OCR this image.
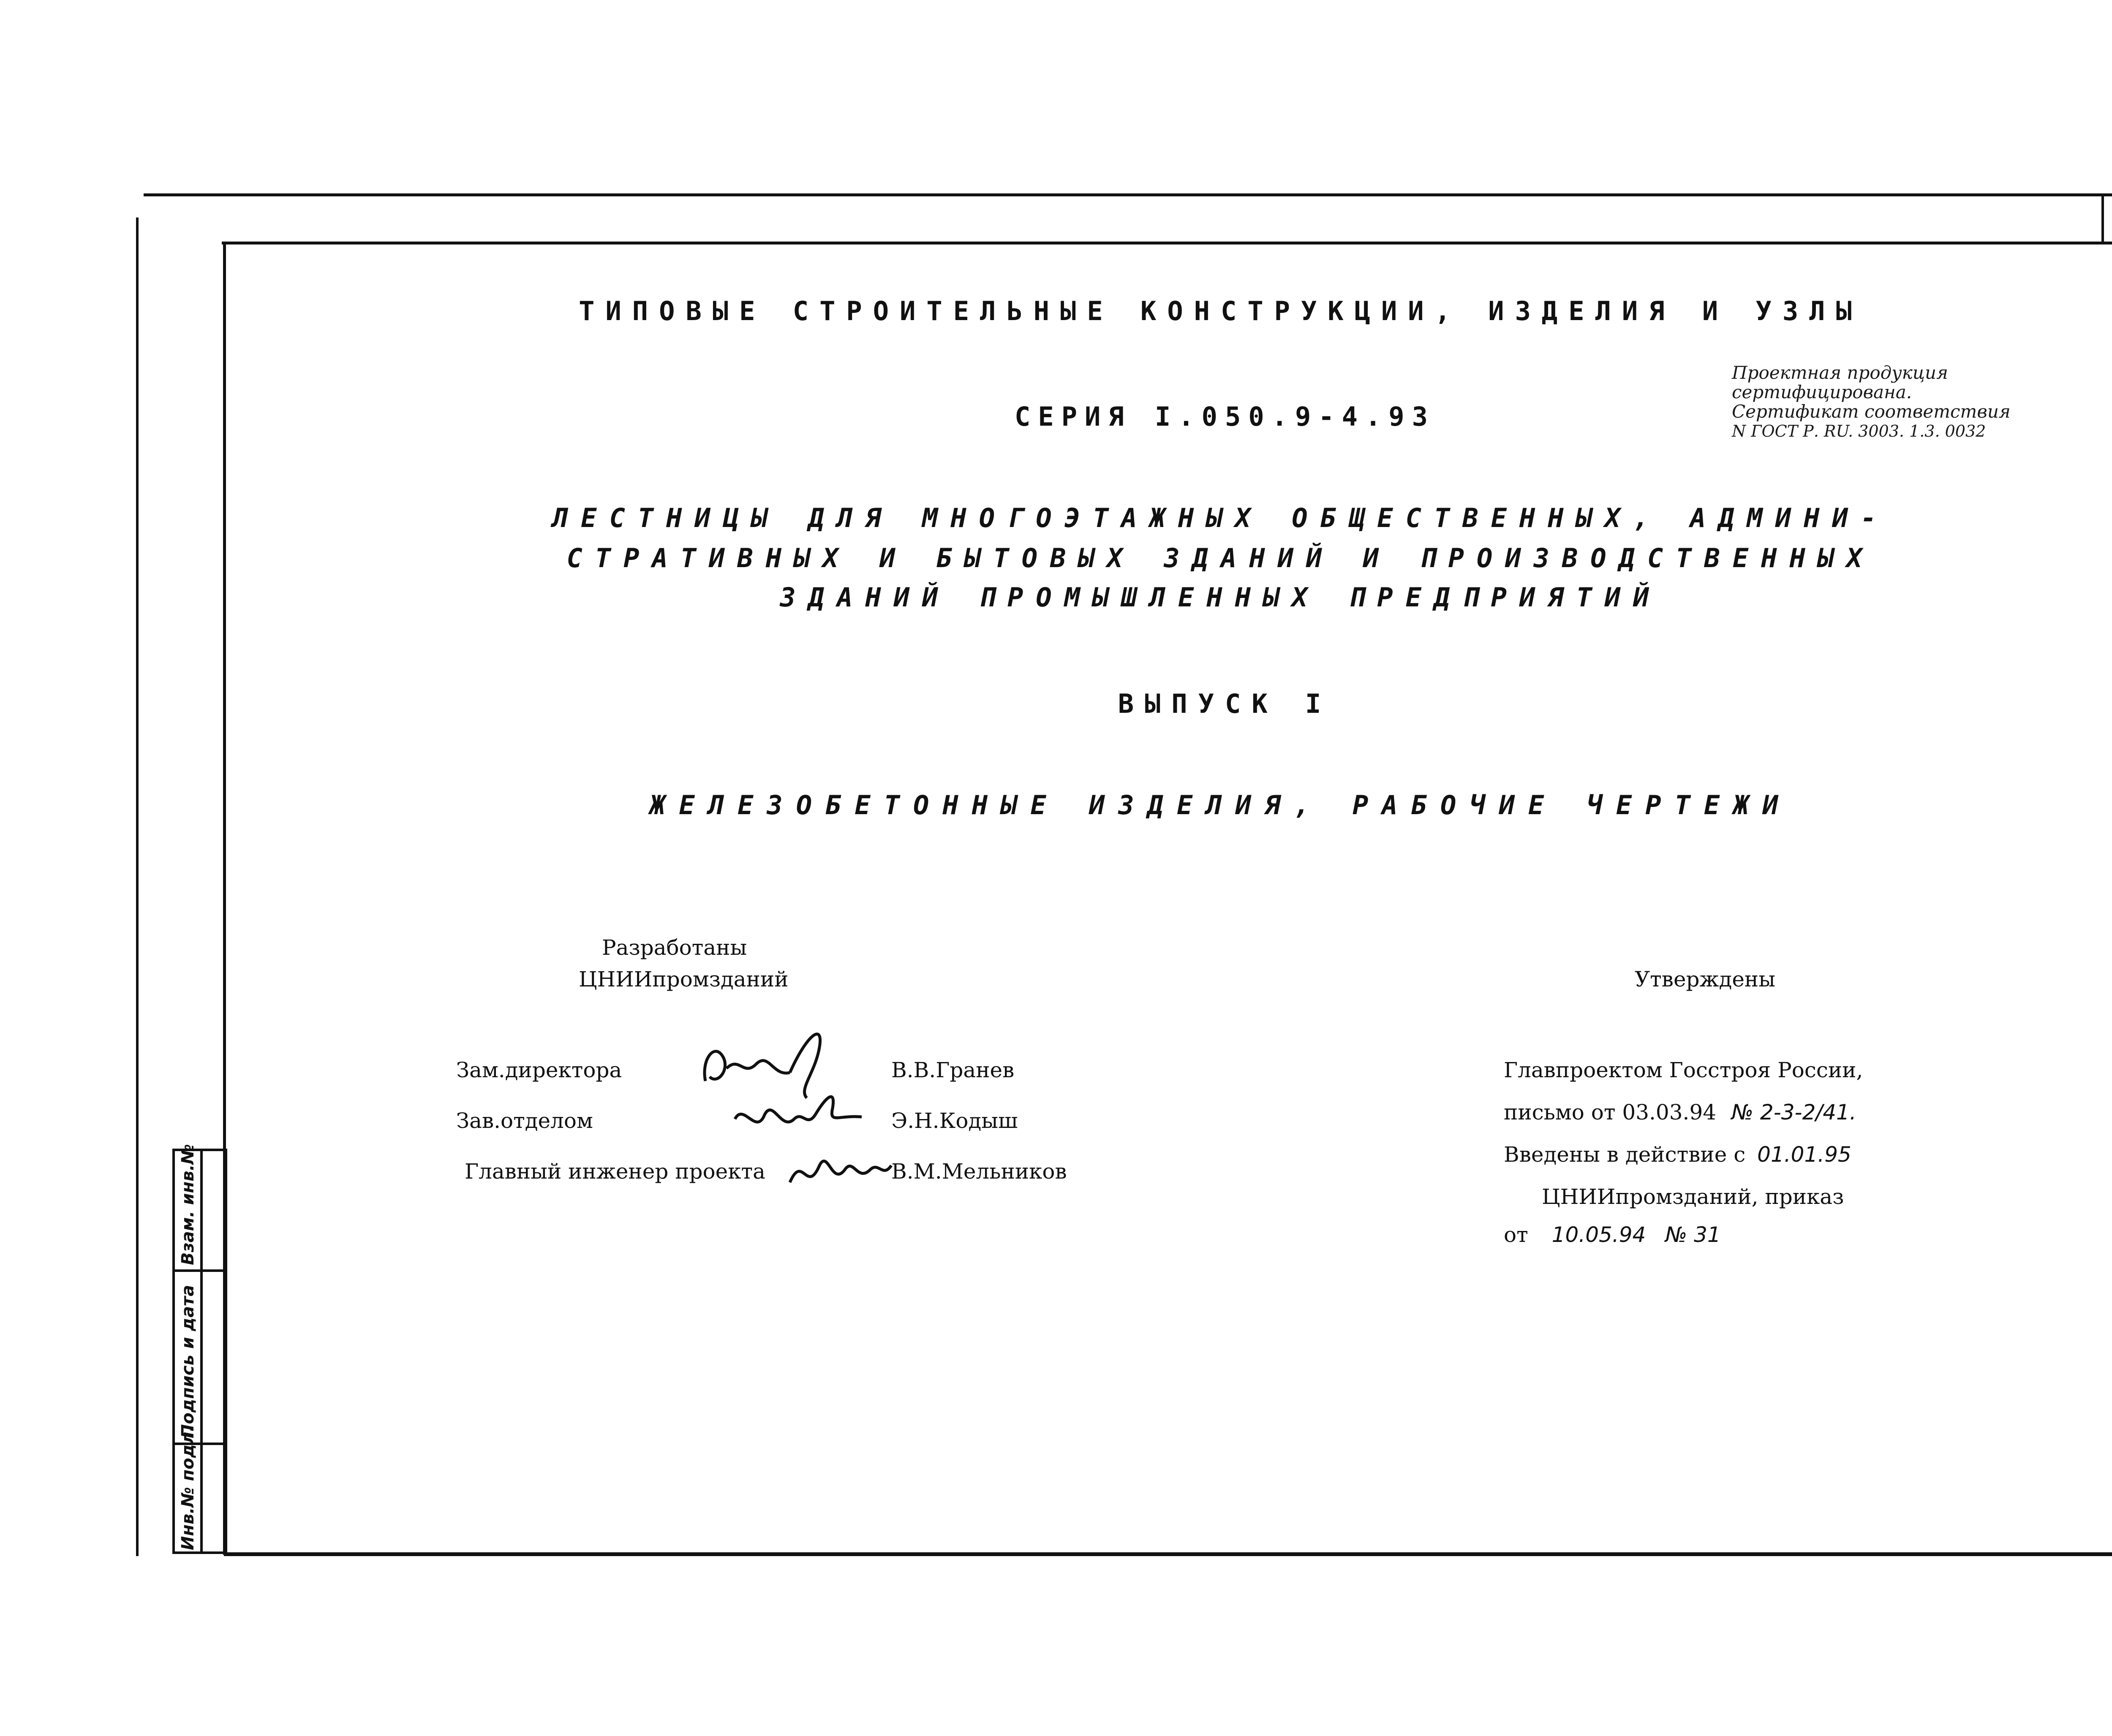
ТИПОВЫЕ СТРОИТЕЛЬНЫЕ КОНСТРУКЦИИ, ИЗДЕЛИЯ И УЗЛЫ
СЕРИЯ I.050.9-4.93
Проектная продукция
сертифицирована.
Сертификат соответствия
N ГОСТ Р. RU. 3003. 1.3. 0032
ЛЕСТНИЦЫ ДЛЯ МНОГОЭТАЖНЫХ ОБЩЕСТВЕННЫХ, АДМИНИ-
СТРАТИВНЫХ И БЫТОВЫХ ЗДАНИЙ И ПРОИЗВОДСТВЕННЫХ
ЗДАНИЙ ПРОМЫШЛЕННЫХ ПРЕДПРИЯТИЙ
ВЫПУСК I
ЖЕЛЕЗОБЕТОННЫЕ ИЗДЕЛИЯ, РАБОЧИЕ ЧЕРТЕЖИ
Разработаны
ЦНИИпромзданий
Зам.директора	В.В.Гранев
Зав.отделом	Э.Н.Кодыш
Главный инженер проекта	В.М.Мельников
Утверждены
Главпроектом Госстроя России,
письмо от 03.03.94 № 2-3-2/41.
Введены в действие с 01.01.95
ЦНИИпромзданий, приказ
от 10.05.94 № 31
Инв.№ подл.
Подпись и дата
Взам. инв.№
